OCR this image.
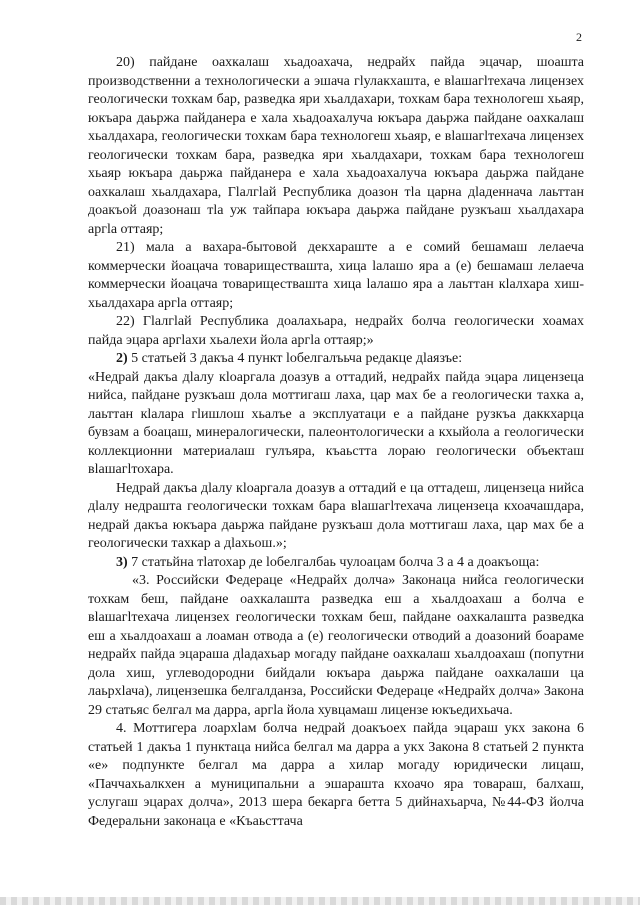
2

20) пайдане оахкалаш хьадоахача, недрайх пайда эцачар, шоашта производственни а технологически а эшача гlулакхашта, е вlашагlтехача лицензех геологически тохкам бар, разведка яри хьалдахари, тохкам бара технологеш хьаяр, юкъара даьржа пайданера е хала хьадоахалуча юкъара даьржа пайдане оахкалаш хьалдахара, геологически тохкам бара технологеш хьаяр, е вlашагlтехача лицензех геологически тохкам бара, разведка яри хьалдахари, тохкам бара технологеш хьаяр юкъара даьржа пайданера е хала хьадоахалуча юкъара даьржа пайдане оахкалаш хьалдахара, Гlалгlай Республика доазон тlа царна дlаденнача лаьттан доакъой доазонаш тlа уж тайпара юкъара даьржа пайдане рузкъаш хьалдахара аргlа оттаяр;

21) мала а вахара-бытовой декхараште а е сомий бешамаш лелаеча коммерчески йоацача товариществашта, хица lалашо яра а (е) бешамаш лелаеча коммерчески йоацача товариществашта хица lалашо яра а лаьттан кlалхара хиш-хьалдахара аргlа оттаяр;

22) Гlалгlай Республика доалахьара, недрайх болча геологически хоамах пайда эцара аргlахи хьалехи йола аргlа оттаяр;»

2) 5 статьей 3 дакъа 4 пункт lобелгалъьча редакце дlаязъе:

«Недрай дакъа дlалу кlоаргала доазув а оттадий, недрайх пайда эцара лицензеца нийса, пайдане рузкъаш дола моттигаш лаха, цар мах бе а геологически тахка а, лаьттан кlалара гlишлош хьалъе а эксплуатаци е а пайдане рузкъа даккхарца бувзам а боацаш, минералогически, палеонтологически а кхыйола а геологически коллекционни материалаш гулъяра, къаьстта лораю геологически объекташ вlашагlтохара.

Недрай дакъа дlалу кlоаргала доазув а оттадий е ца оттадеш, лицензеца нийса дlалу недрашта геологически тохкам бара вlашагlтехача лицензеца кхоачашдара, недрай дакъа юкъара даьржа пайдане рузкъаш дола моттигаш лаха, цар мах бе а геологически тахкар а дlахьош.»;

3) 7 статьйна тlатохар де lобелгалбаь чулоацам болча 3 а 4 а доакъоща:

«3. Российски Федераце «Недрайх долча» Законаца нийса геологически тохкам беш, пайдане оахкалашта разведка еш а хьалдоахаш а болча е вlашагlтехача лицензех геологически тохкам беш, пайдане оахкалашта разведка еш а хьалдоахаш а лоаман отвода а (е) геологически отводий а доазоний боараме недрайх пайда эцараша дlадахьар могаду пайдане оахкалаш хьалдоахаш (попутни дола хиш, углеводородни бийдали юкъара даьржа пайдане оахкалаши ца лаьрхlача), лицензешка белгалданза, Российски Федераце «Недрайх долча» Закона 29 статьяс белгал ма дарра, аргlа йола хувцамаш лицензе юкъедихьача.

4. Моттигера лоархlам болча недрай доакъоех пайда эцараш укх закона 6 статьей 1 дакъа 1 пунктаца нийса белгал ма дарра а укх Закона 8 статьей 2 пункта «е» подпункте белгал ма дарра а хилар могаду юридически лицаш, «Паччахьалкхен а муниципальни а эшарашта кхоачо яра товараш, балхаш, услугаш эцарах долча», 2013 шера бекарга бетта 5 дийнахьарча, №44-ФЗ йолча Федеральни законаца е «Къаьсттача
